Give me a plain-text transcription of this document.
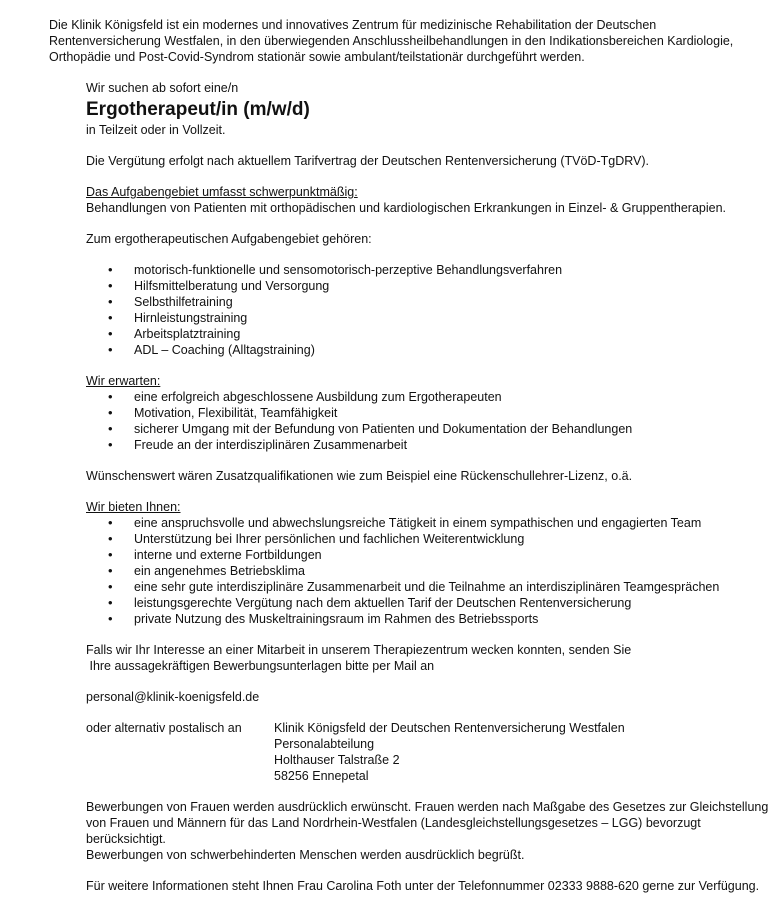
Die Klinik Königsfeld ist ein modernes und innovatives Zentrum für medizinische Rehabilitation der Deutschen Rentenversicherung Westfalen, in den überwiegenden Anschlussheilbehandlungen in den Indikationsbereichen Kardiologie, Orthopädie und Post-Covid-Syndrom stationär sowie ambulant/teilstationär durchgeführt werden.

Wir suchen ab sofort eine/n

Ergotherapeut/in (m/w/d)

in Teilzeit oder in Vollzeit.

Die Vergütung erfolgt nach aktuellem Tarifvertrag der Deutschen Rentenversicherung (TVöD-TgDRV).

Das Aufgabengebiet umfasst schwerpunktmäßig:

Behandlungen von Patienten mit orthopädischen und kardiologischen Erkrankungen in Einzel- & Gruppentherapien.

Zum ergotherapeutischen Aufgabengebiet gehören:

• motorisch-funktionelle und sensomotorisch-perzeptive Behandlungsverfahren
• Hilfsmittelberatung und Versorgung
• Selbsthilfetraining
• Hirnleistungstraining
• Arbeitsplatztraining
• ADL – Coaching (Alltagstraining)

Wir erwarten:

• eine erfolgreich abgeschlossene Ausbildung zum Ergotherapeuten
• Motivation, Flexibilität, Teamfähigkeit
• sicherer Umgang mit der Befundung von Patienten und Dokumentation der Behandlungen
• Freude an der interdisziplinären Zusammenarbeit

Wünschenswert wären Zusatzqualifikationen wie zum Beispiel eine Rückenschullehrer-Lizenz, o.ä.

Wir bieten Ihnen:

• eine anspruchsvolle und abwechslungsreiche Tätigkeit in einem sympathischen und engagierten Team
• Unterstützung bei Ihrer persönlichen und fachlichen Weiterentwicklung
• interne und externe Fortbildungen
• ein angenehmes Betriebsklima
• eine sehr gute interdisziplinäre Zusammenarbeit und die Teilnahme an interdisziplinären Teamgesprächen
• leistungsgerechte Vergütung nach dem aktuellen Tarif der Deutschen Rentenversicherung
• private Nutzung des Muskeltrainingsraum im Rahmen des Betriebssports

Falls wir Ihr Interesse an einer Mitarbeit in unserem Therapiezentrum wecken konnten, senden Sie

Ihre aussagekräftigen Bewerbungsunterlagen bitte per Mail an

personal@klinik-koenigsfeld.de

oder alternativ postalisch an	Klinik Königsfeld der Deutschen Rentenversicherung Westfalen
Personalabteilung
Holthauser Talstraße 2
58256 Ennepetal

Bewerbungen von Frauen werden ausdrücklich erwünscht. Frauen werden nach Maßgabe des Gesetzes zur Gleichstellung von Frauen und Männern für das Land Nordrhein-Westfalen (Landesgleichstellungsgesetzes – LGG) bevorzugt berücksichtigt.

Bewerbungen von schwerbehinderten Menschen werden ausdrücklich begrüßt.

Für weitere Informationen steht Ihnen Frau Carolina Foth unter der Telefonnummer 02333 9888-620 gerne zur Verfügung.
